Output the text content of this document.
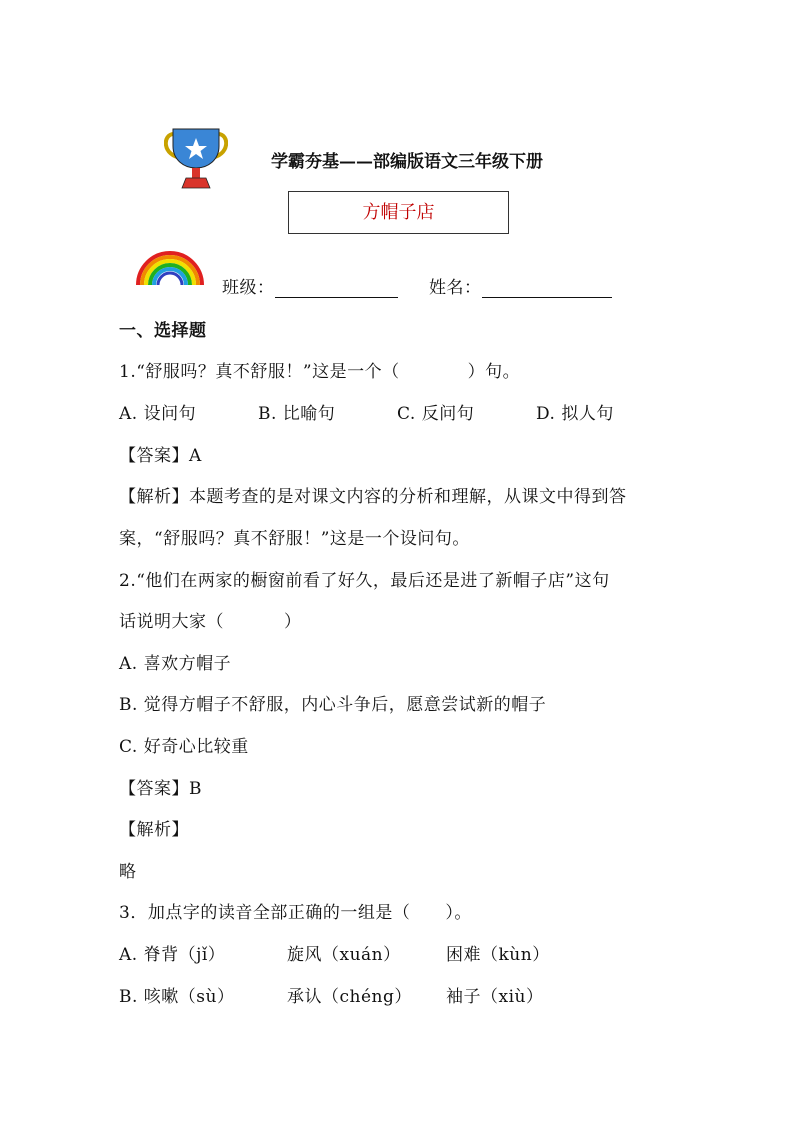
学霸夯基——部编版语文三年级下册
方帽子店
班级：	姓名：
一、选择题
1.“舒服吗？真不舒服！”这是一个（	）句。
A. 设问句	B. 比喻句	C. 反问句	D. 拟人句
【答案】A
【解析】本题考查的是对课文内容的分析和理解，从课文中得到答
案，“舒服吗？真不舒服！”这是一个设问句。
2.“他们在两家的橱窗前看了好久，最后还是进了新帽子店”这句
话说明大家（	）
A. 喜欢方帽子
B. 觉得方帽子不舒服，内心斗争后，愿意尝试新的帽子
C. 好奇心比较重
【答案】B
【解析】
略
3．加点字的读音全部正确的一组是（　　）。
A. 脊背（jǐ）	旋风（xuán）	困难（kùn）
B. 咳嗽（sù）	承认（chéng） 袖子（xiù）
